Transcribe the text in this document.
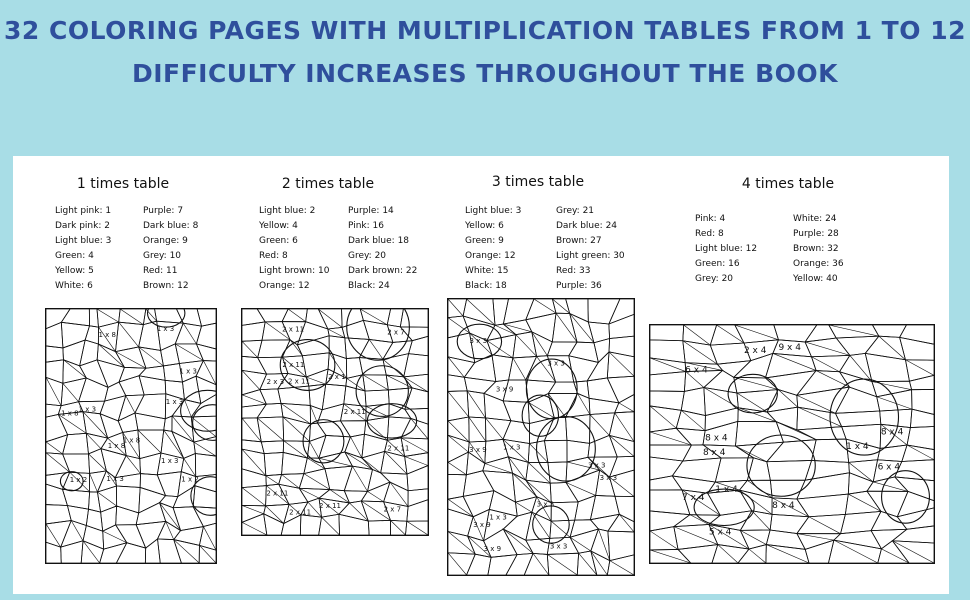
32 COLORING PAGES WITH MULTIPLICATION TABLES FROM 1 TO 12
DIFFICULTY INCREASES THROUGHOUT THE BOOK
1 times table
Light pink: 1	Purple: 7
Dark pink: 2	Dark blue: 8
Light blue: 3	Orange: 9
Green: 4	Grey: 10
Yellow: 5	Red: 11
White: 6	Brown: 12
1 x 3
1 x 2
1 x 3
1 x 3
1 x 3
1 x 3
1 x 3
1 x 2
1 x 8
1 x 8
1 x 8
1 x 8
2 times table
Light blue: 2	Purple: 14
Yellow: 4	Pink: 16
Green: 6	Dark blue: 18
Red: 8	Grey: 20
Light brown: 10	Dark brown: 22
Orange: 12	Black: 24
2 x 1
2 x 3
2 x 7
2 x 7
2 x 11
2 x 11
2 x 11
2 x 11
2 x 11
2 x 11
2 x 11
2 x 11
3 times table
Light blue: 3	Grey: 21
Yellow: 6	Dark blue: 24
Green: 9	Brown: 27
Orange: 12	Light green: 30
White: 15	Red: 33
Black: 18	Purple: 36
1 x 3
1 x 3
3 x 3
3 x 3
3 x 3
3 x 3
3 x 3
3 x 3
3 x 9
3 x 9
3 x 9
3 x 9
4 times table
Pink: 4	White: 24
Red: 8	Purple: 28
Light blue: 12	Brown: 32
Green: 16	Orange: 36
Grey: 20	Yellow: 40
7 x 4
8 x 4
8 x 4
8 x 4
6 x 4
6 x 4
2 x 4
8 x 4
1 x 4
1 x 4
9 x 4
5 x 4
